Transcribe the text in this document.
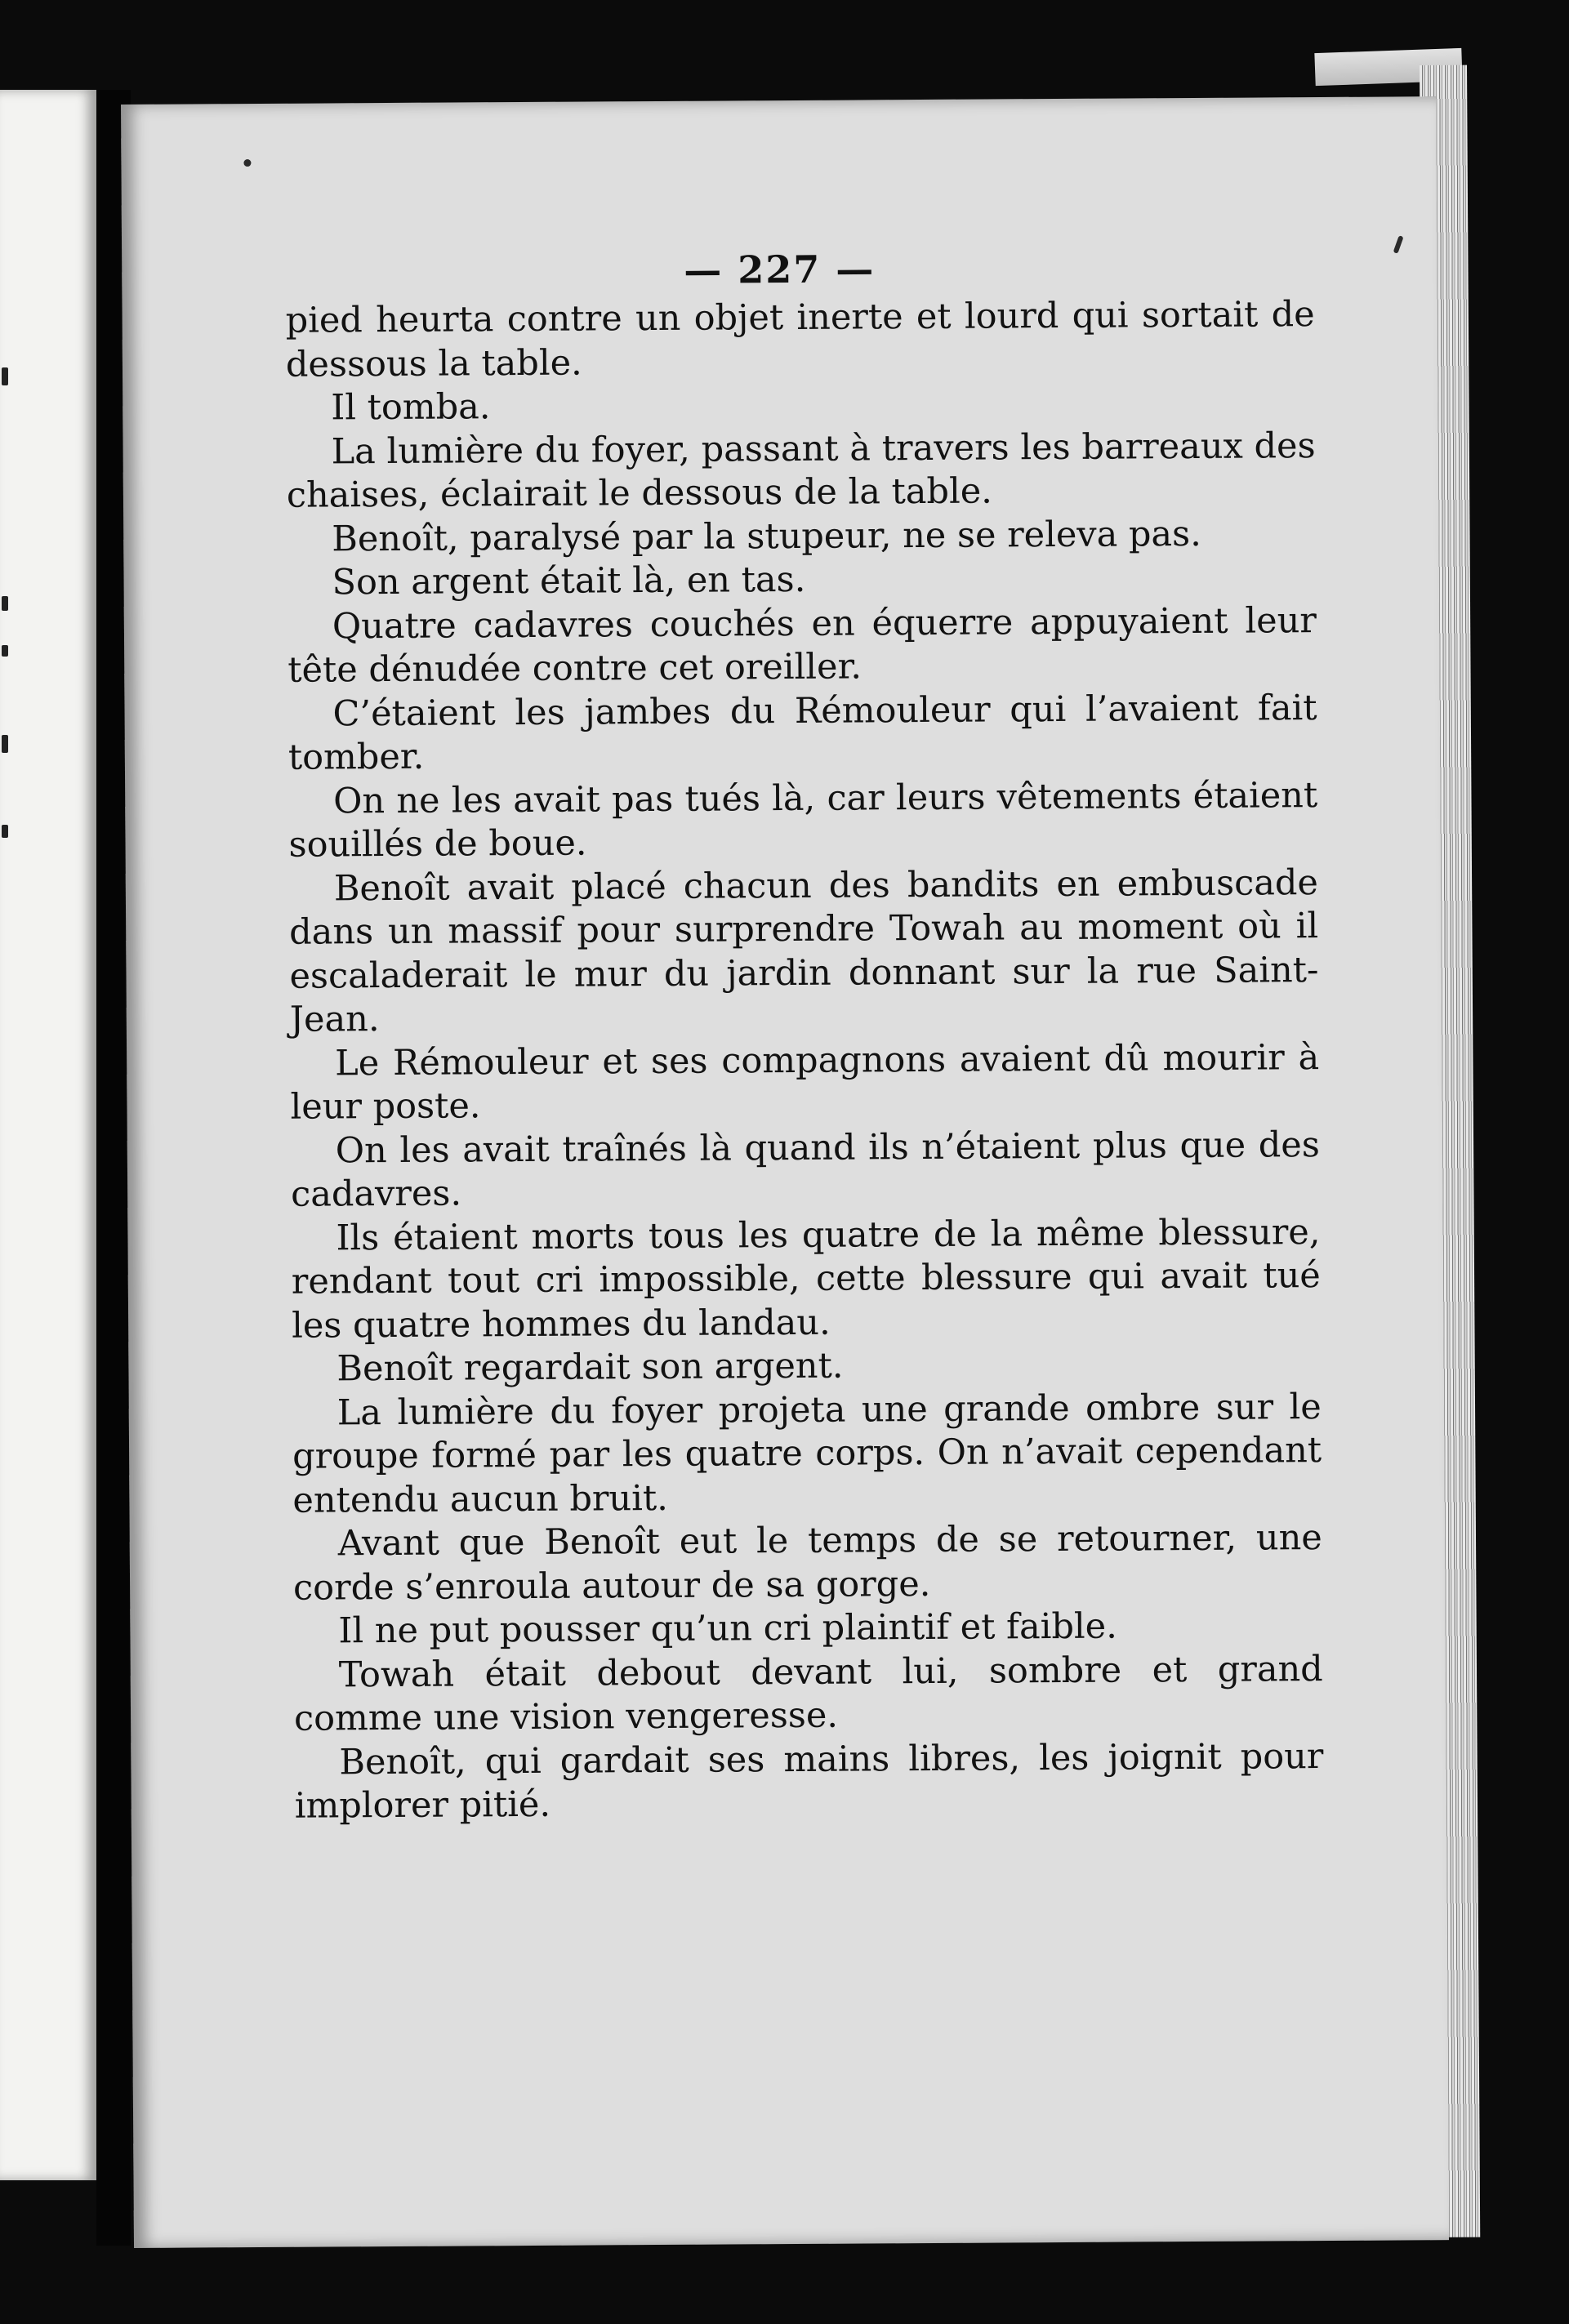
— 227 —

pied heurta contre un objet inerte et lourd qui sortait de dessous la table.

Il tomba.

La lumière du foyer, passant à travers les barreaux des chaises, éclairait le dessous de la table.

Benoît, paralysé par la stupeur, ne se releva pas.

Son argent était là, en tas.

Quatre cadavres couchés en équerre appuyaient leur tête dénudée contre cet oreiller.

C’étaient les jambes du Rémouleur qui l’avaient fait tomber.

On ne les avait pas tués là, car leurs vêtements étaient souillés de boue.

Benoît avait placé chacun des bandits en embuscade dans un massif pour surprendre Towah au moment où il escaladerait le mur du jardin donnant sur la rue Saint-Jean.

Le Rémouleur et ses compagnons avaient dû mourir à leur poste.

On les avait traînés là quand ils n’étaient plus que des cadavres.

Ils étaient morts tous les quatre de la même blessure, rendant tout cri impossible, cette blessure qui avait tué les quatre hommes du landau.

Benoît regardait son argent.

La lumière du foyer projeta une grande ombre sur le groupe formé par les quatre corps. On n’avait cependant entendu aucun bruit.

Avant que Benoît eut le temps de se retourner, une corde s’enroula autour de sa gorge.

Il ne put pousser qu’un cri plaintif et faible.

Towah était debout devant lui, sombre et grand comme une vision vengeresse.

Benoît, qui gardait ses mains libres, les joignit pour implorer pitié.
